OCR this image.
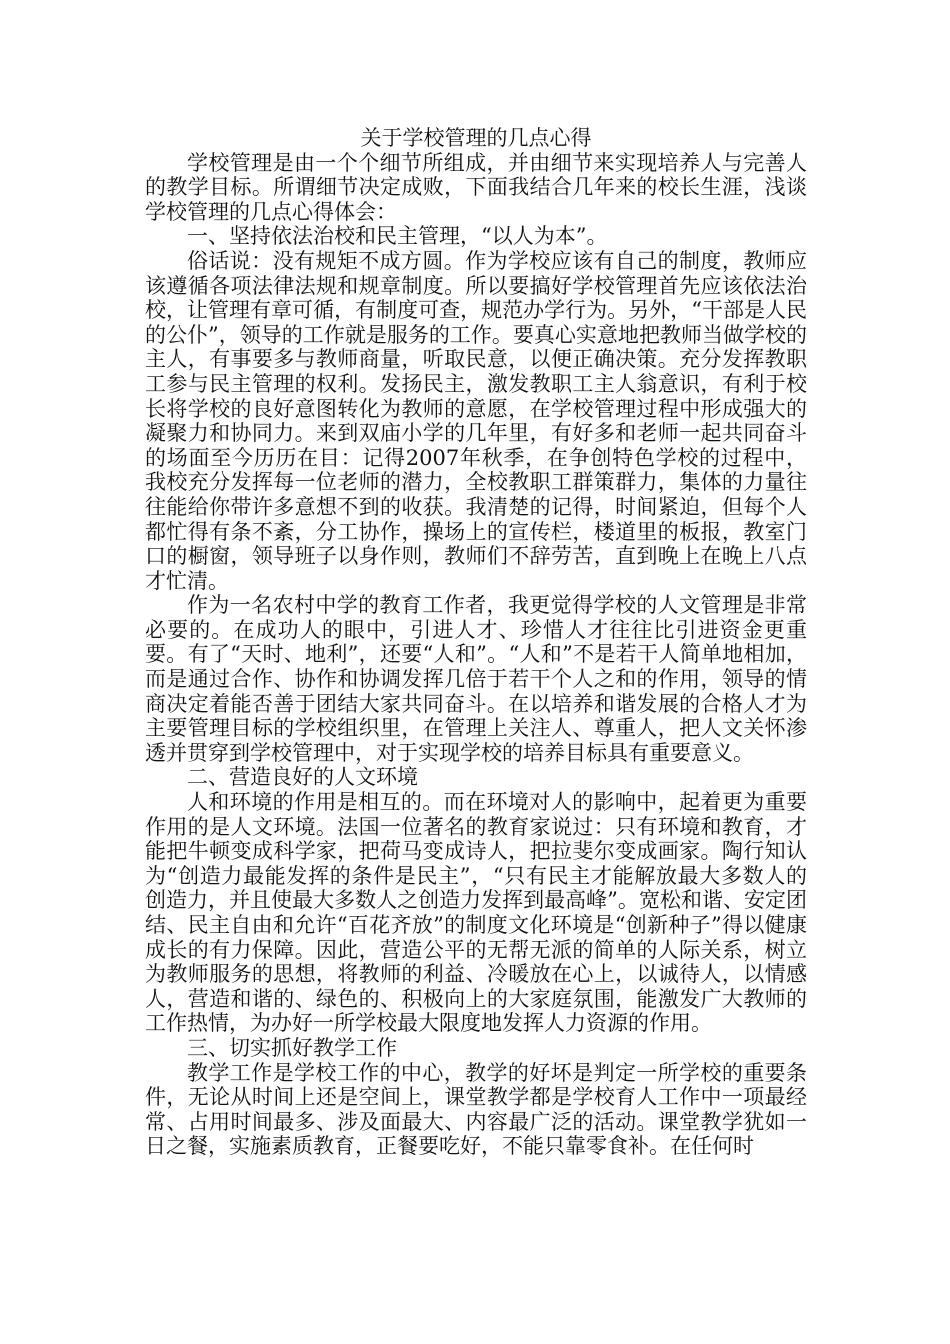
关于学校管理的几点心得

学校管理是由一个个细节所组成，并由细节来实现培养人与完善人的教学目标。所谓细节决定成败，下面我结合几年来的校长生涯，浅谈学校管理的几点心得体会：

一、坚持依法治校和民主管理，“以人为本”。

俗话说：没有规矩不成方圆。作为学校应该有自己的制度，教师应该遵循各项法律法规和规章制度。所以要搞好学校管理首先应该依法治校，让管理有章可循，有制度可查，规范办学行为。另外，“干部是人民的公仆”，领导的工作就是服务的工作。要真心实意地把教师当做学校的主人，有事要多与教师商量，听取民意，以便正确决策。充分发挥教职工参与民主管理的权利。发扬民主，激发教职工主人翁意识，有利于校长将学校的良好意图转化为教师的意愿，在学校管理过程中形成强大的凝聚力和协同力。来到双庙小学的几年里，有好多和老师一起共同奋斗的场面至今历历在目：记得2007年秋季，在争创特色学校的过程中，我校充分发挥每一位老师的潜力，全校教职工群策群力，集体的力量往往能给你带许多意想不到的收获。我清楚的记得，时间紧迫，但每个人都忙得有条不紊，分工协作，操场上的宣传栏，楼道里的板报，教室门口的橱窗，领导班子以身作则，教师们不辞劳苦，直到晚上在晚上八点才忙清。

作为一名农村中学的教育工作者，我更觉得学校的人文管理是非常必要的。在成功人的眼中，引进人才、珍惜人才往往比引进资金更重要。有了“天时、地利”，还要“人和”。“人和”不是若干人简单地相加，而是通过合作、协作和协调发挥几倍于若干个人之和的作用，领导的情商决定着能否善于团结大家共同奋斗。在以培养和谐发展的合格人才为主要管理目标的学校组织里，在管理上关注人、尊重人，把人文关怀渗透并贯穿到学校管理中，对于实现学校的培养目标具有重要意义。

二、营造良好的人文环境

人和环境的作用是相互的。而在环境对人的影响中，起着更为重要作用的是人文环境。法国一位著名的教育家说过：只有环境和教育，才能把牛顿变成科学家，把荷马变成诗人，把拉斐尔变成画家。陶行知认为“创造力最能发挥的条件是民主”，“只有民主才能解放最大多数人的创造力，并且使最大多数人之创造力发挥到最高峰”。宽松和谐、安定团结、民主自由和允许“百花齐放”的制度文化环境是“创新种子”得以健康成长的有力保障。因此，营造公平的无帮无派的简单的人际关系，树立为教师服务的思想，将教师的利益、冷暖放在心上，以诚待人，以情感人，营造和谐的、绿色的、积极向上的大家庭氛围，能激发广大教师的工作热情，为办好一所学校最大限度地发挥人力资源的作用。

三、切实抓好教学工作

教学工作是学校工作的中心，教学的好坏是判定一所学校的重要条件，无论从时间上还是空间上，课堂教学都是学校育人工作中一项最经常、占用时间最多、涉及面最大、内容最广泛的活动。课堂教学犹如一日之餐，实施素质教育，正餐要吃好，不能只靠零食补。在任何时
